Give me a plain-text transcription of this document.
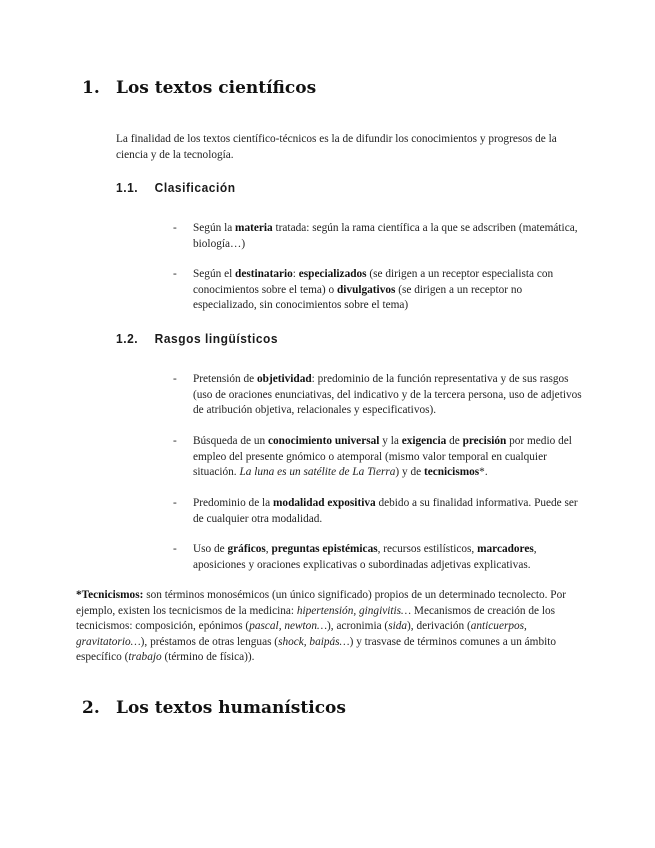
1. Los textos científicos
La finalidad de los textos científico-técnicos es la de difundir los conocimientos y progresos de la ciencia y de la tecnología.
1.1. Clasificación
- Según la materia tratada: según la rama científica a la que se adscriben (matemática, biología…)
- Según el destinatario: especializados (se dirigen a un receptor especialista con conocimientos sobre el tema) o divulgativos (se dirigen a un receptor no especializado, sin conocimientos sobre el tema)
1.2. Rasgos lingüísticos
- Pretensión de objetividad: predominio de la función representativa y de sus rasgos (uso de oraciones enunciativas, del indicativo y de la tercera persona, uso de adjetivos de atribución objetiva, relacionales y especificativos).
- Búsqueda de un conocimiento universal y la exigencia de precisión por medio del empleo del presente gnómico o atemporal (mismo valor temporal en cualquier situación. La luna es un satélite de La Tierra) y de tecnicismos*.
- Predominio de la modalidad expositiva debido a su finalidad informativa. Puede ser de cualquier otra modalidad.
- Uso de gráficos, preguntas epistémicas, recursos estilísticos, marcadores, aposiciones y oraciones explicativas o subordinadas adjetivas explicativas.
*Tecnicismos: son términos monosémicos (un único significado) propios de un determinado tecnolecto. Por ejemplo, existen los tecnicismos de la medicina: hipertensión, gingivitis… Mecanismos de creación de los tecnicismos: composición, epónimos (pascal, newton…), acronimia (sida), derivación (anticuerpos, gravitatorio…), préstamos de otras lenguas (shock, baipás…) y trasvase de términos comunes a un ámbito específico (trabajo (término de física)).
2. Los textos humanísticos
